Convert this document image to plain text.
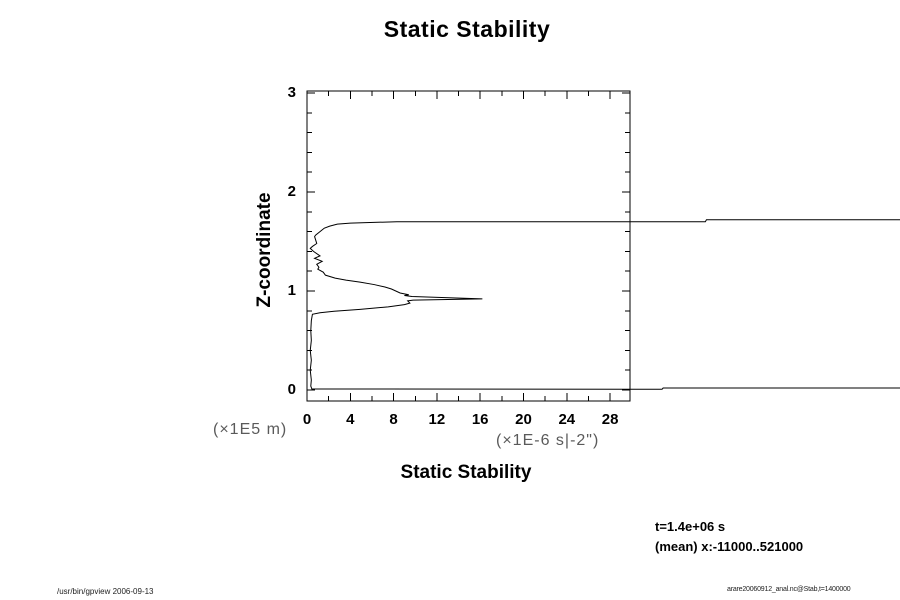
Static Stability
Z-coordinate
(×1E5 m)
(×1E-6 s|-2")
Static Stability
t=1.4e+06 s
(mean) x:-11000..521000
/usr/bin/gpview 2006-09-13	arare20060912_anal.nc@Stab,t=1400000
0	4	8	12	16	20	24	28
0
1
2
3
